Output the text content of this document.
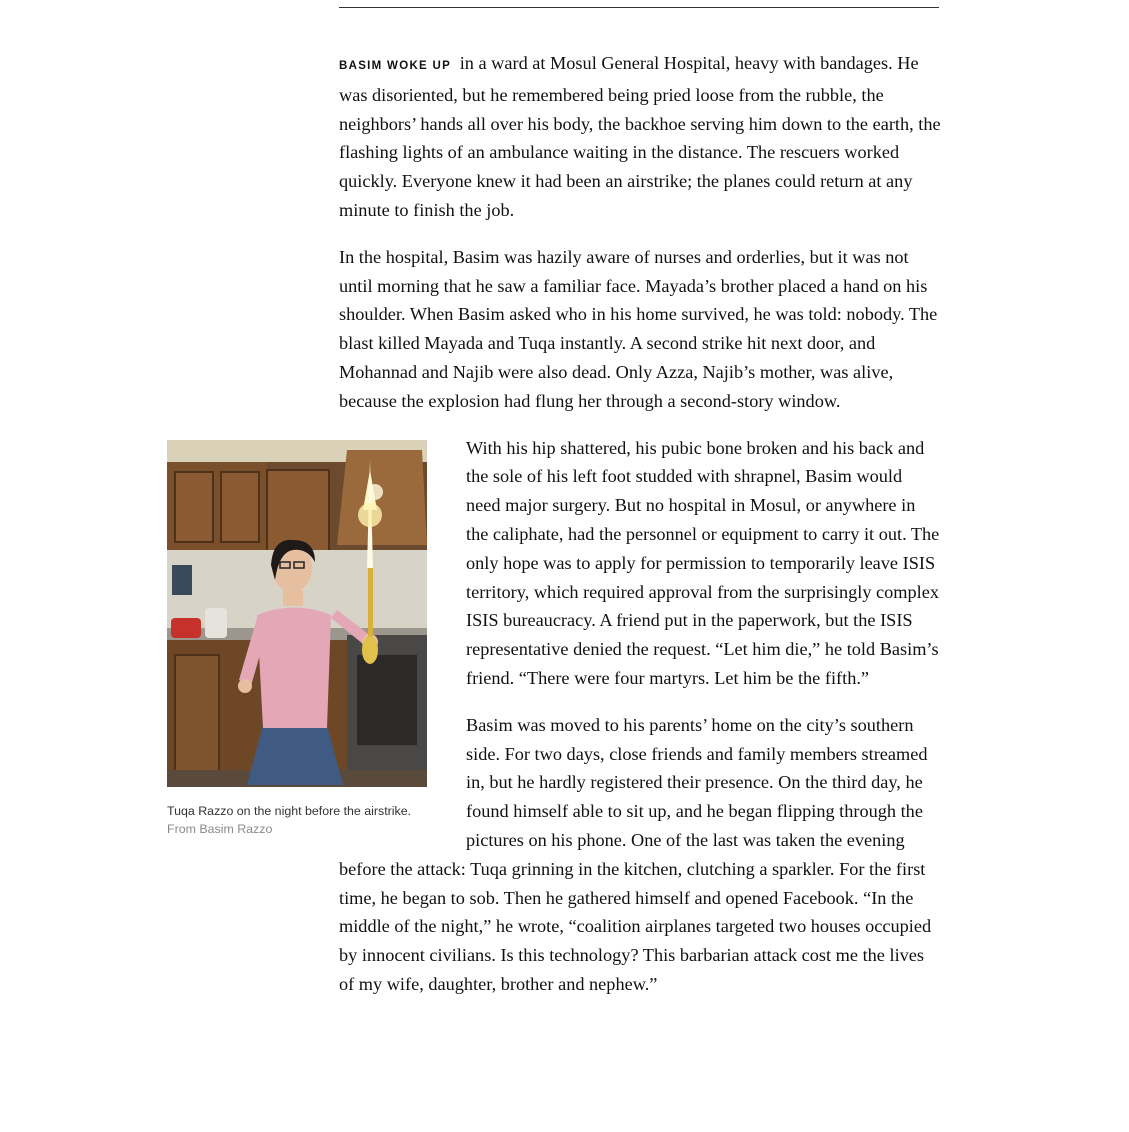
BASIM WOKE UP in a ward at Mosul General Hospital, heavy with bandages. He was disoriented, but he remembered being pried loose from the rubble, the neighbors’ hands all over his body, the backhoe serving him down to the earth, the flashing lights of an ambulance waiting in the distance. The rescuers worked quickly. Everyone knew it had been an airstrike; the planes could return at any minute to finish the job.

In the hospital, Basim was hazily aware of nurses and orderlies, but it was not until morning that he saw a familiar face. Mayada’s brother placed a hand on his shoulder. When Basim asked who in his home survived, he was told: nobody. The blast killed Mayada and Tuqa instantly. A second strike hit next door, and Mohannad and Najib were also dead. Only Azza, Najib’s mother, was alive, because the explosion had flung her through a second-story window.

Tuqa Razzo on the night before the airstrike. From Basim Razzo

With his hip shattered, his pubic bone broken and his back and the sole of his left foot studded with shrapnel, Basim would need major surgery. But no hospital in Mosul, or anywhere in the caliphate, had the personnel or equipment to carry it out. The only hope was to apply for permission to temporarily leave ISIS territory, which required approval from the surprisingly complex ISIS bureaucracy. A friend put in the paperwork, but the ISIS representative denied the request. “Let him die,” he told Basim’s friend. “There were four martyrs. Let him be the fifth.”

Basim was moved to his parents’ home on the city’s southern side. For two days, close friends and family members streamed in, but he hardly registered their presence. On the third day, he found himself able to sit up, and he began flipping through the pictures on his phone. One of the last was taken the evening before the attack: Tuqa grinning in the kitchen, clutching a sparkler. For the first time, he began to sob. Then he gathered himself and opened Facebook. “In the middle of the night,” he wrote, “coalition airplanes targeted two houses occupied by innocent civilians. Is this technology? This barbarian attack cost me the lives of my wife, daughter, brother and nephew.”
